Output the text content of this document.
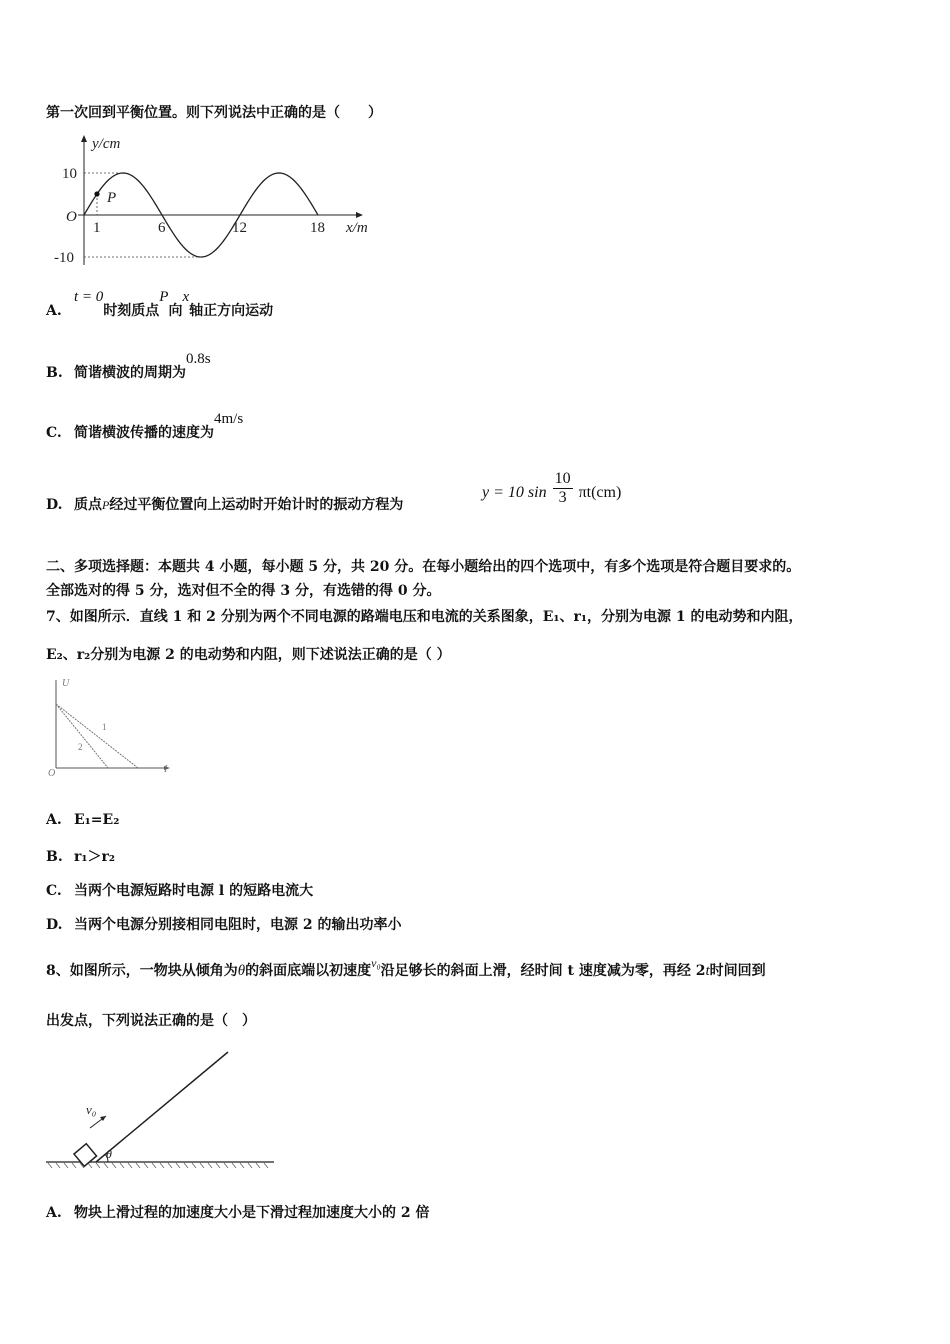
第一次回到平衡位置。则下列说法中正确的是（　　）
P
1	6	12	18 x/m
y/cm
10
-10
O
A.t = 0时刻质点P向x轴正方向运动
B. 简谐横波的周期为0.8s
C. 简谐横波传播的速度为4m/s
D. 质点P经过平衡位置向上运动时开始计时的振动方程为
y = 10 $\sin \frac{10}{3} \pi t(cm)$
二、多项选择题：本题共 4 小题，每小题 5 分，共 20 分。在每小题给出的四个选项中，有多个选项是符合题目要求的。
全部选对的得 5 分，选对但不全的得 3 分，有选错的得 0 分。
7、如图所示．直线 1 和 2 分别为两个不同电源的路端电压和电流的关系图象，E₁、r₁，分别为电源 1 的电动势和内阻，
E₂、r₂分别为电源 2 的电动势和内阻，则下述说法正确的是（ ）
U
I
O
1
2
A. E₁=E₂
B. r₁＞r₂
C. 当两个电源短路时电源 l 的短路电流大
D. 当两个电源分别接相同电阻时，电源 2 的输出功率小
8、如图所示，一物块从倾角为θ的斜面底端以初速度v₀沿足够长的斜面上滑，经时间 t 速度减为零，再经 2t时间回到
出发点，下列说法正确的是（　）
v₀
θ
A. 物块上滑过程的加速度大小是下滑过程加速度大小的 2 倍
